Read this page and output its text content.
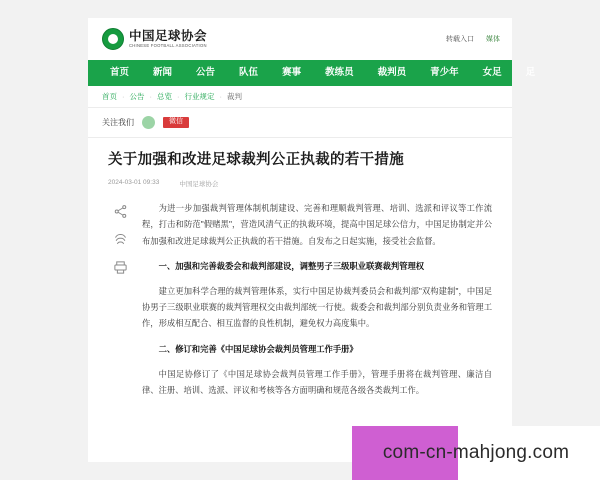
中国足球协会
CHINESE FOOTBALL ASSOCIATION
转载入口 媒体
首页	新闻	公告	队伍	赛事	教练员	裁判员	青少年	女足	足
首页 · 公告 · 总览 · 行业规定 · 裁判
关注我们	微信
关于加强和改进足球裁判公正执裁的若干措施
2024-03-01 09:33	中国足球协会

为进一步加强裁判管理体制机制建设、完善和理顺裁判管理、培训、选派和评议等工作流程，打击和防范"假赌黑"，营造风清气正的执裁环境，提高中国足球公信力，中国足协制定并公布加强和改进足球裁判公正执裁的若干措施。自发布之日起实施，接受社会监督。

一、加强和完善裁委会和裁判部建设，调整男子三级职业联赛裁判管理权

建立更加科学合理的裁判管理体系，实行中国足协裁判委员会和裁判部"双构建制"，中国足协男子三级职业联赛的裁判管理权交由裁判部统一行使。裁委会和裁判部分别负责业务和管理工作，形成相互配合、相互监督的良性机制，避免权力高度集中。

二、修订和完善《中国足球协会裁判员管理工作手册》

中国足协修订了《中国足球协会裁判员管理工作手册》，管理手册将在裁判管理、廉洁自律、注册、培训、选派、评议和考核等各方面明确和规范各级各类裁判工作。

com-cn-mahjong.com
